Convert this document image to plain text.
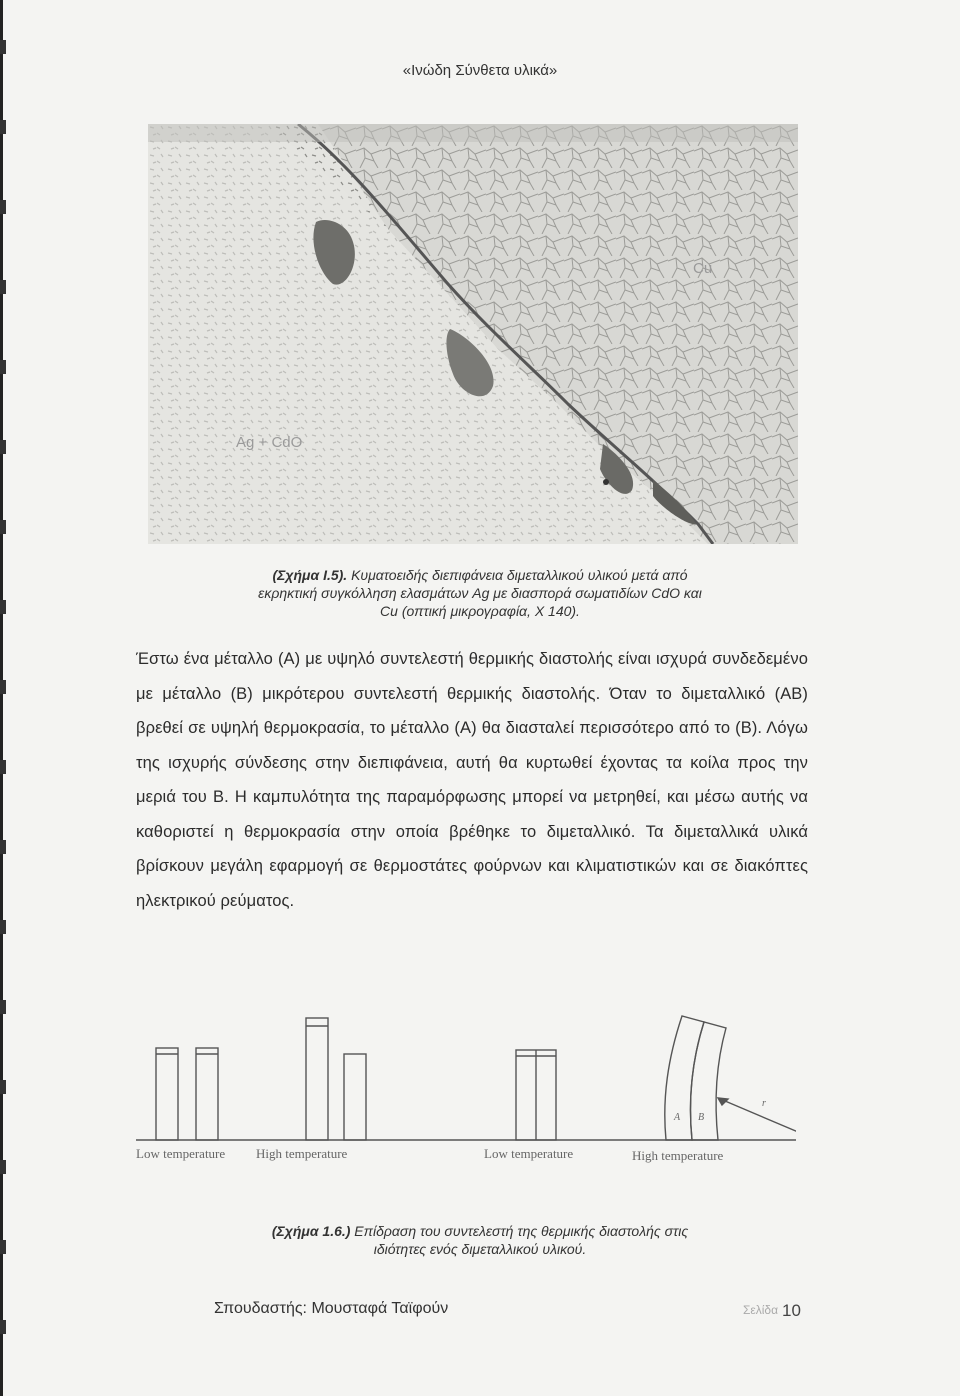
«Ινώδη Σύνθετα υλικά»
Cu
Ag + CdO
(Σχήμα Ι.5). Κυματοειδής διεπιφάνεια διμεταλλικού υλικού μετά από
εκρηκτική συγκόλληση ελασμάτων Ag με διασπορά σωματιδίων CdO και
Cu (οπτική μικρογραφία, Χ 140).
Έστω ένα μέταλλο (Α) με υψηλό συντελεστή θερμικής διαστολής είναι ισχυρά συνδεδεμένο με μέταλλο (Β) μικρότερου συντελεστή θερμικής διαστολής. Όταν το διμεταλλικό (ΑΒ) βρεθεί σε υψηλή θερμοκρασία, το μέταλλο (Α) θα διασταλεί περισσότερο από το (Β). Λόγω της ισχυρής σύνδεσης στην διεπιφάνεια, αυτή θα κυρτωθεί έχοντας τα κοίλα προς την μεριά του Β. Η καμπυλότητα της παραμόρφωσης μπορεί να μετρηθεί, και μέσω αυτής να καθοριστεί η θερμοκρασία στην οποία βρέθηκε το διμεταλλικό. Τα διμεταλλικά υλικά βρίσκουν μεγάλη εφαρμογή σε θερμοστάτες φούρνων και κλιματιστικών και σε διακόπτες ηλεκτρικού ρεύματος.
Low temperature High temperature	Low temperature	High temperature
A B
r
(Σχήμα 1.6.) Επίδραση του συντελεστή της θερμικής διαστολής στις
ιδιότητες ενός διμεταλλικού υλικού.
Σπουδαστής: Μουσταφά Ταϊφούν	Σελίδα 10
